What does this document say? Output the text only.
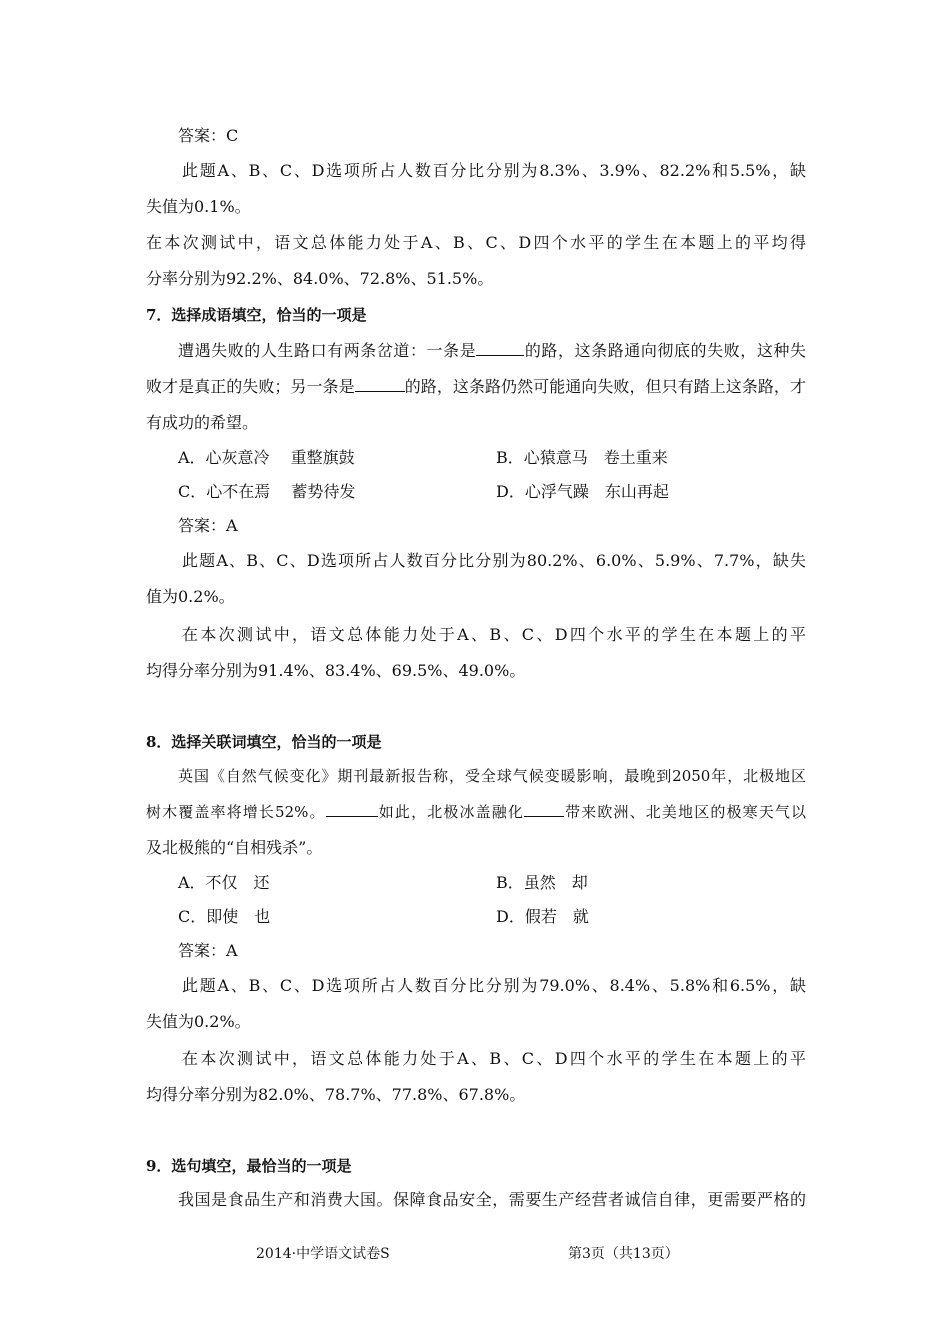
答案：C
此题A、B、C、D选项所占人数百分比分别为8.3%、3.9%、82.2%和5.5%，缺
失值为0.1%。
在本次测试中，语文总体能力处于A、B、C、D四个水平的学生在本题上的平均得
分率分别为92.2%、84.0%、72.8%、51.5%。
7．选择成语填空，恰当的一项是
遭遇失败的人生路口有两条岔道：一条是	的路，这条路通向彻底的失败，这种失
败才是真正的失败；另一条是	的路，这条路仍然可能通向失败，但只有踏上这条路，才
有成功的希望。
A．心灰意冷　 重整旗鼓	B．心猿意马　卷土重来
C．心不在焉　 蓄势待发	D．心浮气躁　东山再起
答案：A
此题A、B、C、D选项所占人数百分比分别为80.2%、6.0%、5.9%、7.7%，缺失
值为0.2%。
在本次测试中，语文总体能力处于A、B、C、D四个水平的学生在本题上的平
均得分率分别为91.4%、83.4%、69.5%、49.0%。
8．选择关联词填空，恰当的一项是
英国《自然气候变化》期刊最新报告称，受全球气候变暖影响，最晚到2050年，北极地区
树木覆盖率将增长52%。	如此，北极冰盖融化	带来欧洲、北美地区的极寒天气以
及北极熊的“自相残杀”。
A．不仅　还	B．虽然　却
C．即使　也	D．假若　就
答案：A
此题A、B、C、D选项所占人数百分比分别为79.0%、8.4%、5.8%和6.5%，缺
失值为0.2%。
在本次测试中，语文总体能力处于A、B、C、D四个水平的学生在本题上的平
均得分率分别为82.0%、78.7%、77.8%、67.8%。
9．选句填空，最恰当的一项是
我国是食品生产和消费大国。保障食品安全，需要生产经营者诚信自律，更需要严格的
2014·中学语文试卷S	第3页（共13页）
